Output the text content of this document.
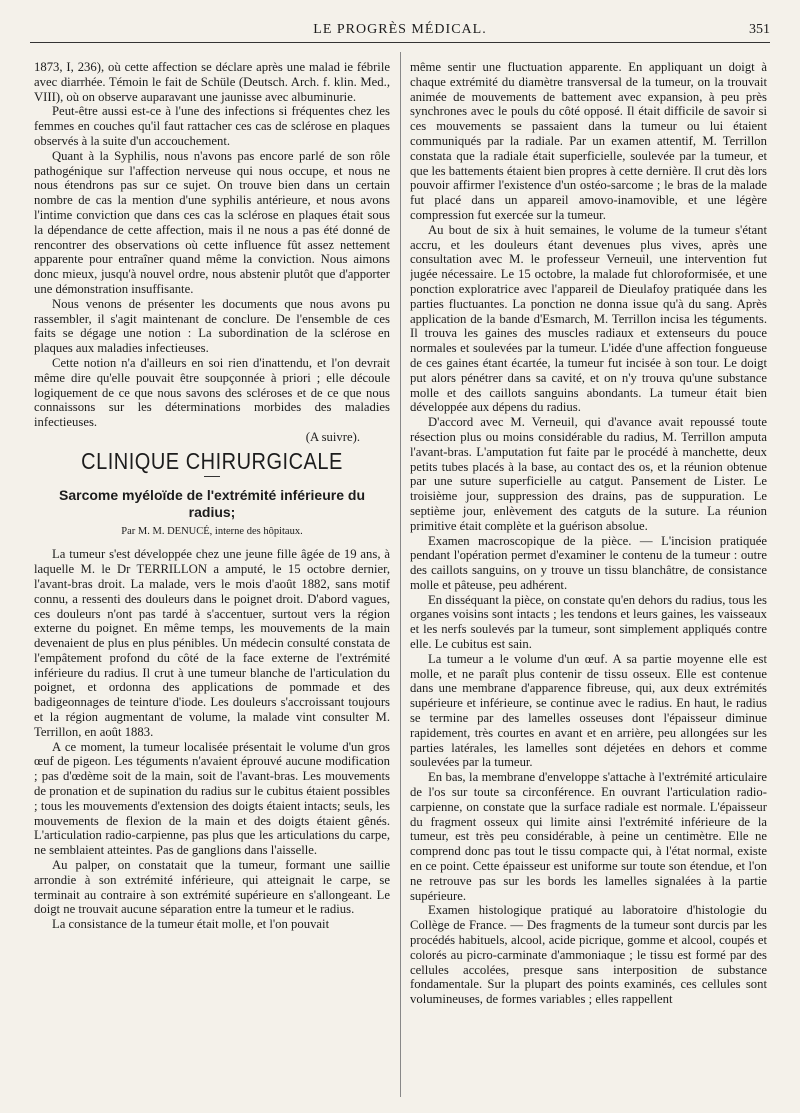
LE PROGRÈS MÉDICAL.	351

1873, I, 236), où cette affection se déclare après une malad ie fébrile avec diarrhée. Témoin le fait de Schüle (Deutsch. Arch. f. klin. Med., VIII), où on observe auparavant une jaunisse avec albuminurie.

Peut-être aussi est-ce à l'une des infections si fréquentes chez les femmes en couches qu'il faut rattacher ces cas de sclérose en plaques observés à la suite d'un accouchement.

Quant à la Syphilis, nous n'avons pas encore parlé de son rôle pathogénique sur l'affection nerveuse qui nous occupe, et nous ne nous étendrons pas sur ce sujet. On trouve bien dans un certain nombre de cas la mention d'une syphilis antérieure, et nous avons l'intime conviction que dans ces cas la sclérose en plaques était sous la dépendance de cette affection, mais il ne nous a pas été donné de rencontrer des observations où cette influence fût assez nettement apparente pour entraîner quand même la conviction. Nous aimons donc mieux, jusqu'à nouvel ordre, nous abstenir plutôt que d'apporter une démonstration insuffisante.

Nous venons de présenter les documents que nous avons pu rassembler, il s'agit maintenant de conclure. De l'ensemble de ces faits se dégage une notion : La subordination de la sclérose en plaques aux maladies infectieuses.

Cette notion n'a d'ailleurs en soi rien d'inattendu, et l'on devrait même dire qu'elle pouvait être soupçonnée à priori ; elle découle logiquement de ce que nous savons des scléroses et de ce que nous connaissons sur les déterminations morbides des maladies infectieuses.

(A suivre).

CLINIQUE CHIRURGICALE
Sarcome myéloïde de l'extrémité inférieure du radius;
Par M. M. DENUCÉ, interne des hôpitaux.

La tumeur s'est développée chez une jeune fille âgée de 19 ans, à laquelle M. le Dr TERRILLON a amputé, le 15 octobre dernier, l'avant-bras droit. La malade, vers le mois d'août 1882, sans motif connu, a ressenti des douleurs dans le poignet droit. D'abord vagues, ces douleurs n'ont pas tardé à s'accentuer, surtout vers la région externe du poignet. En même temps, les mouvements de la main devenaient de plus en plus pénibles. Un médecin consulté constata de l'empâtement profond du côté de la face externe de l'extrémité inférieure du radius. Il crut à une tumeur blanche de l'articulation du poignet, et ordonna des applications de pommade et des badigeonnages de teinture d'iode. Les douleurs s'accroissant toujours et la région augmentant de volume, la malade vint consulter M. Terrillon, en août 1883.

A ce moment, la tumeur localisée présentait le volume d'un gros œuf de pigeon. Les téguments n'avaient éprouvé aucune modification ; pas d'œdème soit de la main, soit de l'avant-bras. Les mouvements de pronation et de supination du radius sur le cubitus étaient possibles ; tous les mouvements d'extension des doigts étaient intacts; seuls, les mouvements de flexion de la main et des doigts étaient gênés. L'articulation radio-carpienne, pas plus que les articulations du carpe, ne semblaient atteintes. Pas de ganglions dans l'aisselle.

Au palper, on constatait que la tumeur, formant une saillie arrondie à son extrémité inférieure, qui atteignait le carpe, se terminait au contraire à son extrémité supérieure en s'allongeant. Le doigt ne trouvait aucune séparation entre la tumeur et le radius.

La consistance de la tumeur était molle, et l'on pouvait

même sentir une fluctuation apparente. En appliquant un doigt à chaque extrémité du diamètre transversal de la tumeur, on la trouvait animée de mouvements de battement avec expansion, à peu près synchrones avec le pouls du côté opposé. Il était difficile de savoir si ces mouvements se passaient dans la tumeur ou lui étaient communiqués par la radiale. Par un examen attentif, M. Terrillon constata que la radiale était superficielle, soulevée par la tumeur, et que les battements étaient bien propres à cette dernière. Il crut dès lors pouvoir affirmer l'existence d'un ostéo-sarcome ; le bras de la malade fut placé dans un appareil amovo-inamovible, et une légère compression fut exercée sur la tumeur.

Au bout de six à huit semaines, le volume de la tumeur s'étant accru, et les douleurs étant devenues plus vives, après une consultation avec M. le professeur Verneuil, une intervention fut jugée nécessaire. Le 15 octobre, la malade fut chloroformisée, et une ponction exploratrice avec l'appareil de Dieulafoy pratiquée dans les parties fluctuantes. La ponction ne donna issue qu'à du sang. Après application de la bande d'Esmarch, M. Terrillon incisa les téguments. Il trouva les gaines des muscles radiaux et extenseurs du pouce normales et soulevées par la tumeur. L'idée d'une affection fongueuse de ces gaines étant écartée, la tumeur fut incisée à son tour. Le doigt put alors pénétrer dans sa cavité, et on n'y trouva qu'une substance molle et des caillots sanguins abondants. La tumeur était bien développée aux dépens du radius.

D'accord avec M. Verneuil, qui d'avance avait repoussé toute résection plus ou moins considérable du radius, M. Terrillon amputa l'avant-bras. L'amputation fut faite par le procédé à manchette, deux petits tubes placés à la base, au contact des os, et la réunion obtenue par une suture superficielle au catgut. Pansement de Lister. Le troisième jour, suppression des drains, pas de suppuration. Le septième jour, enlèvement des catguts de la suture. La réunion primitive était complète et la guérison absolue.

Examen macroscopique de la pièce. — L'incision pratiquée pendant l'opération permet d'examiner le contenu de la tumeur : outre des caillots sanguins, on y trouve un tissu blanchâtre, de consistance molle et pâteuse, peu adhérent.

En disséquant la pièce, on constate qu'en dehors du radius, tous les organes voisins sont intacts ; les tendons et leurs gaines, les vaisseaux et les nerfs soulevés par la tumeur, sont simplement appliqués contre elle. Le cubitus est sain.

La tumeur a le volume d'un œuf. A sa partie moyenne elle est molle, et ne paraît plus contenir de tissu osseux. Elle est contenue dans une membrane d'apparence fibreuse, qui, aux deux extrémités supérieure et inférieure, se continue avec le radius. En haut, le radius se termine par des lamelles osseuses dont l'épaisseur diminue rapidement, très courtes en avant et en arrière, peu allongées sur les parties latérales, les lamelles sont déjetées en dehors et comme soulevées par la tumeur.

En bas, la membrane d'enveloppe s'attache à l'extrémité articulaire de l'os sur toute sa circonférence. En ouvrant l'articulation radio-carpienne, on constate que la surface radiale est normale. L'épaisseur du fragment osseux qui limite ainsi l'extrémité inférieure de la tumeur, est très peu considérable, à peine un centimètre. Elle ne comprend donc pas tout le tissu compacte qui, à l'état normal, existe en ce point. Cette épaisseur est uniforme sur toute son étendue, et l'on ne retrouve pas sur les bords les lamelles signalées à la partie supérieure.

Examen histologique pratiqué au laboratoire d'histologie du Collège de France. — Des fragments de la tumeur sont durcis par les procédés habituels, alcool, acide picrique, gomme et alcool, coupés et colorés au picro-carminate d'ammoniaque ; le tissu est formé par des cellules accolées, presque sans interposition de substance fondamentale. Sur la plupart des points examinés, ces cellules sont volumineuses, de formes variables ; elles rappellent
